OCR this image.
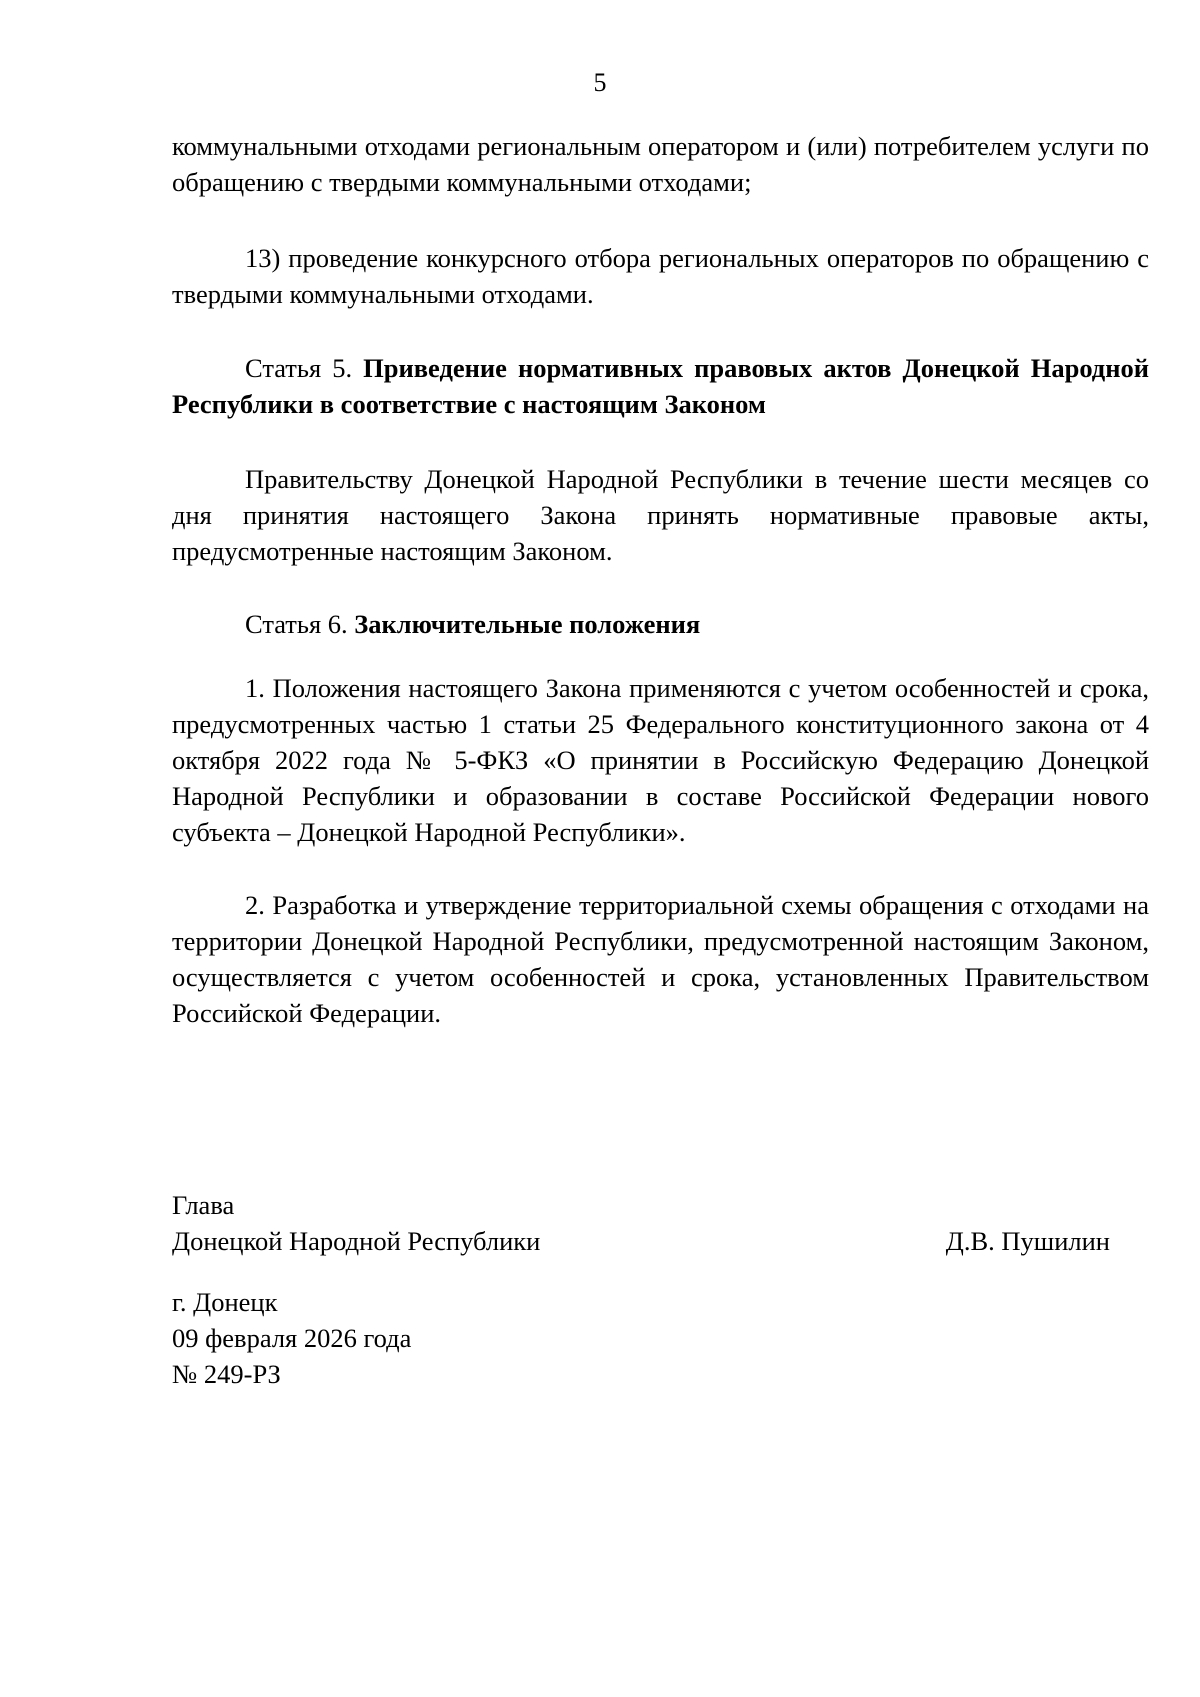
5

коммунальными отходами региональным оператором и (или) потребителем услуги по обращению с твердыми коммунальными отходами;

13) проведение конкурсного отбора региональных операторов по обращению с твердыми коммунальными отходами.

Статья 5. Приведение нормативных правовых актов Донецкой Народной Республики в соответствие с настоящим Законом

Правительству Донецкой Народной Республики в течение шести месяцев со дня принятия настоящего Закона принять нормативные правовые акты, предусмотренные настоящим Законом.

Статья 6. Заключительные положения

1. Положения настоящего Закона применяются с учетом особенностей и срока, предусмотренных частью 1 статьи 25 Федерального конституционного закона от 4 октября 2022 года № 5-ФКЗ «О принятии в Российскую Федерацию Донецкой Народной Республики и образовании в составе Российской Федерации нового субъекта – Донецкой Народной Республики».

2. Разработка и утверждение территориальной схемы обращения с отходами на территории Донецкой Народной Республики, предусмотренной настоящим Законом, осуществляется с учетом особенностей и срока, установленных Правительством Российской Федерации.

Глава
Донецкой Народной Республики	Д.В. Пушилин
г. Донецк
09 февраля 2026 года
№ 249-РЗ
